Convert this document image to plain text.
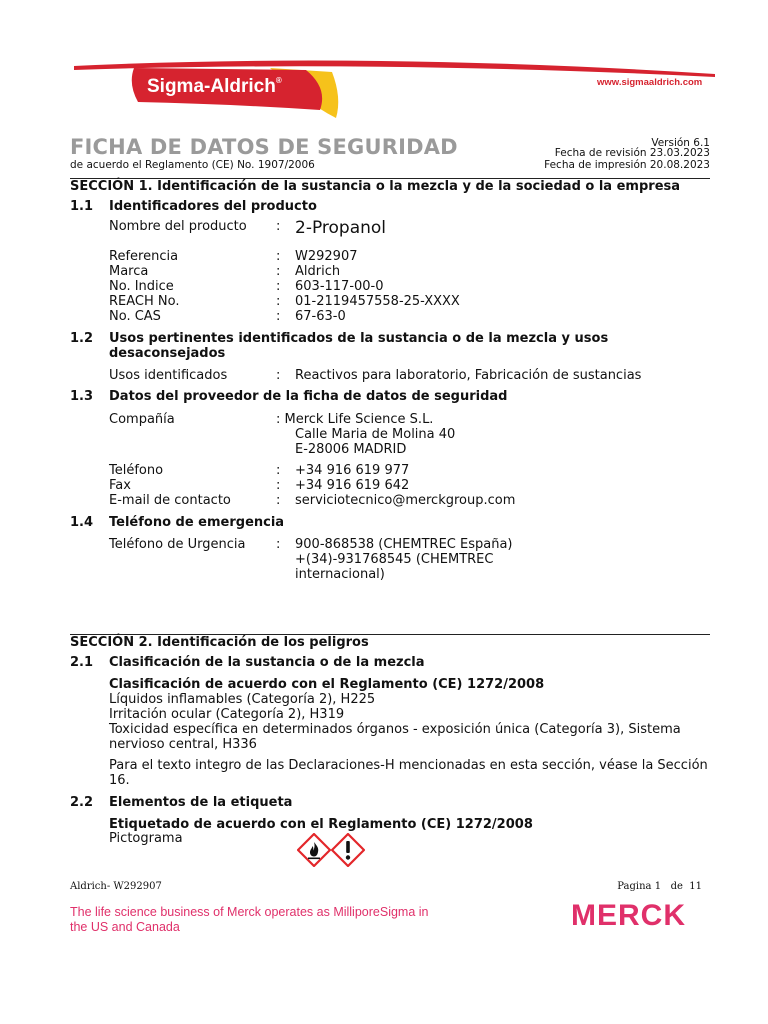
Sigma-Aldrich®	www.sigmaaldrich.com
FICHA DE DATOS DE SEGURIDAD
de acuerdo el Reglamento (CE) No. 1907/2006
Versión 6.1
Fecha de revisión 23.03.2023
Fecha de impresión 20.08.2023
SECCIÓN 1. Identificación de la sustancia o la mezcla y de la sociedad o la empresa
1.1 Identificadores del producto
Nombre del producto : 2-Propanol
Referencia	: W292907
Marca	: Aldrich
No. Indice	: 603-117-00-0
REACH No.	: 01-2119457558-25-XXXX
No. CAS	: 67-63-0
1.2 Usos pertinentes identificados de la sustancia o de la mezcla y usos
desaconsejados
Usos identificados	: Reactivos para laboratorio, Fabricación de sustancias
1.3 Datos del proveedor de la ficha de datos de seguridad
Compañía	: Merck Life Science S.L.
Calle Maria de Molina 40
E-28006 MADRID
Teléfono	: +34 916 619 977
Fax	: +34 916 619 642
E-mail de contacto	: serviciotecnico@merckgroup.com
1.4 Teléfono de emergencia
Teléfono de Urgencia : 900-868538 (CHEMTREC España)
+(34)-931768545 (CHEMTREC
internacional)
SECCIÓN 2. Identificación de los peligros
2.1 Clasificación de la sustancia o de la mezcla
Clasificación de acuerdo con el Reglamento (CE) 1272/2008
Líquidos inflamables (Categoría 2), H225
Irritación ocular (Categoría 2), H319
Toxicidad específica en determinados órganos - exposición única (Categoría 3), Sistema
nervioso central, H336
Para el texto integro de las Declaraciones-H mencionadas en esta sección, véase la Sección
16.
2.2 Elementos de la etiqueta
Etiquetado de acuerdo con el Reglamento (CE) 1272/2008
Pictograma
Aldrich- W292907	Pagina 1   de  11
The life science business of Merck operates as MilliporeSigma in
the US and Canada	MERCK
